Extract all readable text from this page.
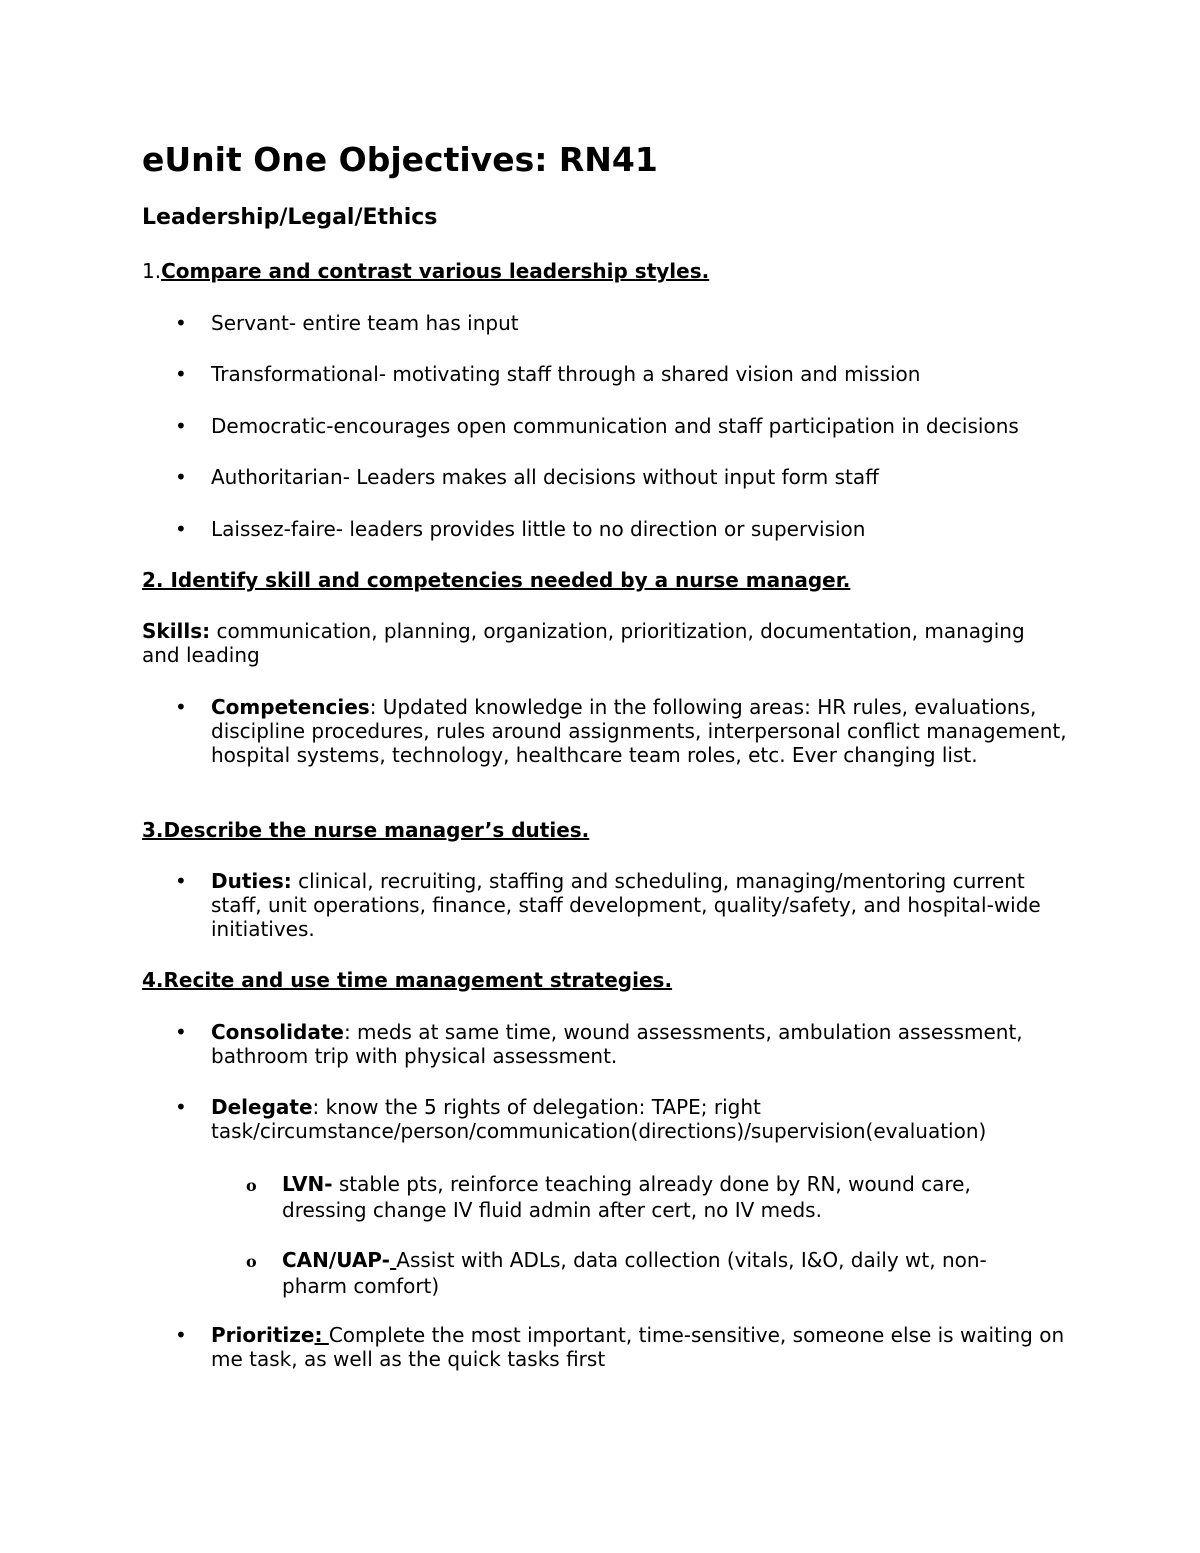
eUnit One Objectives: RN41
Leadership/Legal/Ethics
1.Compare and contrast various leadership styles.
• Servant- entire team has input
• Transformational- motivating staff through a shared vision and mission
• Democratic-encourages open communication and staff participation in decisions
• Authoritarian- Leaders makes all decisions without input form staff
• Laissez-faire- leaders provides little to no direction or supervision
2. Identify skill and competencies needed by a nurse manager.
Skills: communication, planning, organization, prioritization, documentation, managing and leading
• Competencies: Updated knowledge in the following areas: HR rules, evaluations, discipline procedures, rules around assignments, interpersonal conflict management, hospital systems, technology, healthcare team roles, etc. Ever changing list.
3.Describe the nurse manager’s duties.
• Duties: clinical, recruiting, staffing and scheduling, managing/mentoring current staff, unit operations, finance, staff development, quality/safety, and hospital-wide initiatives.
4.Recite and use time management strategies.
• Consolidate: meds at same time, wound assessments, ambulation assessment, bathroom trip with physical assessment.
• Delegate: know the 5 rights of delegation: TAPE; right task/circumstance/person/communication(directions)/supervision(evaluation)
o LVN- stable pts, reinforce teaching already done by RN, wound care, dressing change IV fluid admin after cert, no IV meds.
o CAN/UAP- Assist with ADLs, data collection (vitals, I&O, daily wt, non-pharm comfort)
• Prioritize: Complete the most important, time-sensitive, someone else is waiting on me task, as well as the quick tasks first
